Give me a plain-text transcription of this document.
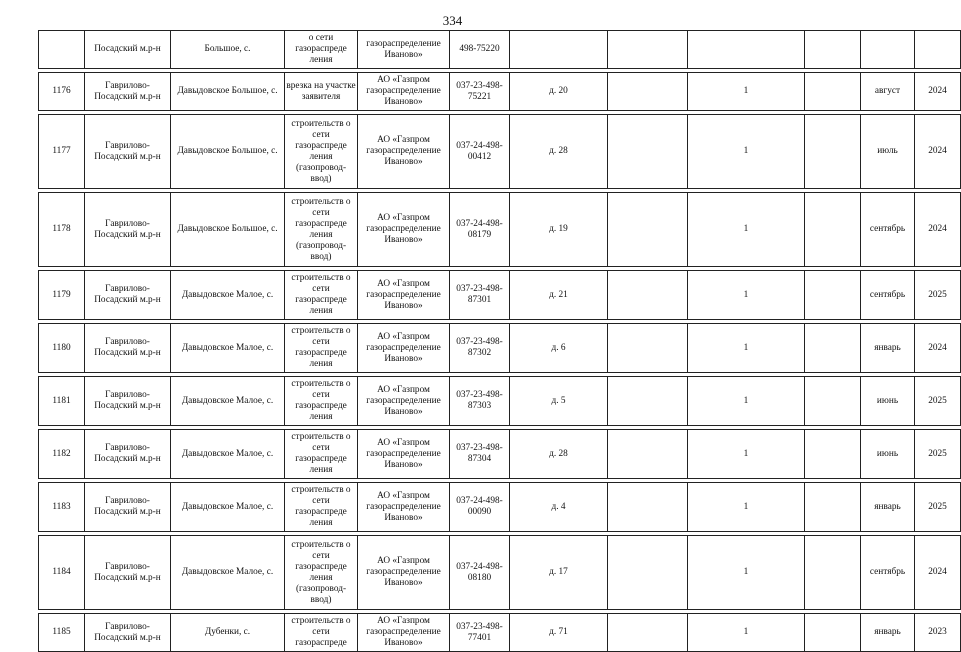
334
	Посадский м.р-н	Большое, с.	о сети газораспреде ления	газораспределение Иваново»	498-75220						

1176	Гаврилово-Посадский м.р-н	Давыдовское Большое, с.	врезка на участке заявителя	АО «Газпром газораспределение Иваново»	037-23-498-75221	д. 20		1		август	2024

1177	Гаврилово-Посадский м.р-н	Давыдовское Большое, с.	строительств о сети газораспреде ления (газопровод-ввод)	АО «Газпром газораспределение Иваново»	037-24-498-00412	д. 28		1		июль	2024

1178	Гаврилово-Посадский м.р-н	Давыдовское Большое, с.	строительств о сети газораспреде ления (газопровод-ввод)	АО «Газпром газораспределение Иваново»	037-24-498-08179	д. 19		1		сентябрь	2024

1179	Гаврилово-Посадский м.р-н	Давыдовское Малое, с.	строительств о сети газораспреде ления	АО «Газпром газораспределение Иваново»	037-23-498-87301	д. 21		1		сентябрь	2025

1180	Гаврилово-Посадский м.р-н	Давыдовское Малое, с.	строительств о сети газораспреде ления	АО «Газпром газораспределение Иваново»	037-23-498-87302	д. 6		1		январь	2024

1181	Гаврилово-Посадский м.р-н	Давыдовское Малое, с.	строительств о сети газораспреде ления	АО «Газпром газораспределение Иваново»	037-23-498-87303	д. 5		1		июнь	2025

1182	Гаврилово-Посадский м.р-н	Давыдовское Малое, с.	строительств о сети газораспреде ления	АО «Газпром газораспределение Иваново»	037-23-498-87304	д. 28		1		июнь	2025

1183	Гаврилово-Посадский м.р-н	Давыдовское Малое, с.	строительств о сети газораспреде ления	АО «Газпром газораспределение Иваново»	037-24-498-00090	д. 4		1		январь	2025

1184	Гаврилово-Посадский м.р-н	Давыдовское Малое, с.	строительств о сети газораспреде ления (газопровод-ввод)	АО «Газпром газораспределение Иваново»	037-24-498-08180	д. 17		1		сентябрь	2024

1185	Гаврилово-Посадский м.р-н	Дубенки, с.	строительств о сети газораспреде	АО «Газпром газораспределение Иваново»	037-23-498-77401	д. 71		1		январь	2023
